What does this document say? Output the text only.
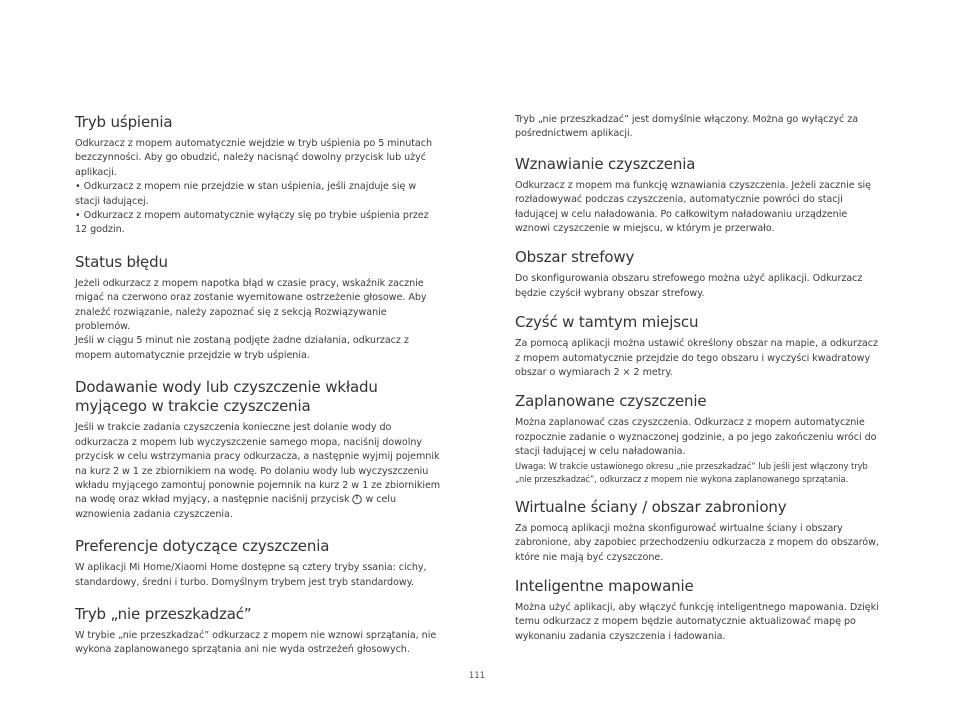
Tryb uśpienia

Odkurzacz z mopem automatycznie wejdzie w tryb uśpienia po 5 minutach bezczynności. Aby go obudzić, należy nacisnąć dowolny przycisk lub użyć aplikacji.

• Odkurzacz z mopem nie przejdzie w stan uśpienia, jeśli znajduje się w stacji ładującej.

• Odkurzacz z mopem automatycznie wyłączy się po trybie uśpienia przez 12 godzin.

Status błędu

Jeżeli odkurzacz z mopem napotka błąd w czasie pracy, wskaźnik zacznie migać na czerwono oraz zostanie wyemitowane ostrzeżenie głosowe. Aby znaleźć rozwiązanie, należy zapoznać się z sekcją Rozwiązywanie problemów.

Jeśli w ciągu 5 minut nie zostaną podjęte żadne działania, odkurzacz z mopem automatycznie przejdzie w tryb uśpienia.

Dodawanie wody lub czyszczenie wkładu myjącego w trakcie czyszczenia

Jeśli w trakcie zadania czyszczenia konieczne jest dolanie wody do odkurzacza z mopem lub wyczyszczenie samego mopa, naciśnij dowolny przycisk w celu wstrzymania pracy odkurzacza, a następnie wyjmij pojemnik na kurz 2 w 1 ze zbiornikiem na wodę. Po dolaniu wody lub wyczyszczeniu wkładu myjącego zamontuj ponownie pojemnik na kurz 2 w 1 ze zbiornikiem na wodę oraz wkład myjący, a następnie naciśnij przycisk w celu wznowienia zadania czyszczenia.

Preferencje dotyczące czyszczenia

W aplikacji Mi Home/Xiaomi Home dostępne są cztery tryby ssania: cichy, standardowy, średni i turbo. Domyślnym trybem jest tryb standardowy.

Tryb „nie przeszkadzać”

W trybie „nie przeszkadzać” odkurzacz z mopem nie wznowi sprzątania, nie wykona zaplanowanego sprzątania ani nie wyda ostrzeżeń głosowych.

Tryb „nie przeszkadzać” jest domyślnie włączony. Można go wyłączyć za pośrednictwem aplikacji.

Wznawianie czyszczenia

Odkurzacz z mopem ma funkcję wznawiania czyszczenia. Jeżeli zacznie się rozładowywać podczas czyszczenia, automatycznie powróci do stacji ładującej w celu naładowania. Po całkowitym naładowaniu urządzenie wznowi czyszczenie w miejscu, w którym je przerwało.

Obszar strefowy

Do skonfigurowania obszaru strefowego można użyć aplikacji. Odkurzacz będzie czyścił wybrany obszar strefowy.

Czyść w tamtym miejscu

Za pomocą aplikacji można ustawić określony obszar na mapie, a odkurzacz z mopem automatycznie przejdzie do tego obszaru i wyczyści kwadratowy obszar o wymiarach 2 × 2 metry.

Zaplanowane czyszczenie

Można zaplanować czas czyszczenia. Odkurzacz z mopem automatycznie rozpocznie zadanie o wyznaczonej godzinie, a po jego zakończeniu wróci do stacji ładującej w celu naładowania.

Uwaga: W trakcie ustawionego okresu „nie przeszkadzać” lub jeśli jest włączony tryb „nie przeszkadzać”, odkurzacz z mopem nie wykona zaplanowanego sprzątania.

Wirtualne ściany / obszar zabroniony

Za pomocą aplikacji można skonfigurować wirtualne ściany i obszary zabronione, aby zapobiec przechodzeniu odkurzacza z mopem do obszarów, które nie mają być czyszczone.

Inteligentne mapowanie

Można użyć aplikacji, aby włączyć funkcję inteligentnego mapowania. Dzięki temu odkurzacz z mopem będzie automatycznie aktualizować mapę po wykonaniu zadania czyszczenia i ładowania.

111
